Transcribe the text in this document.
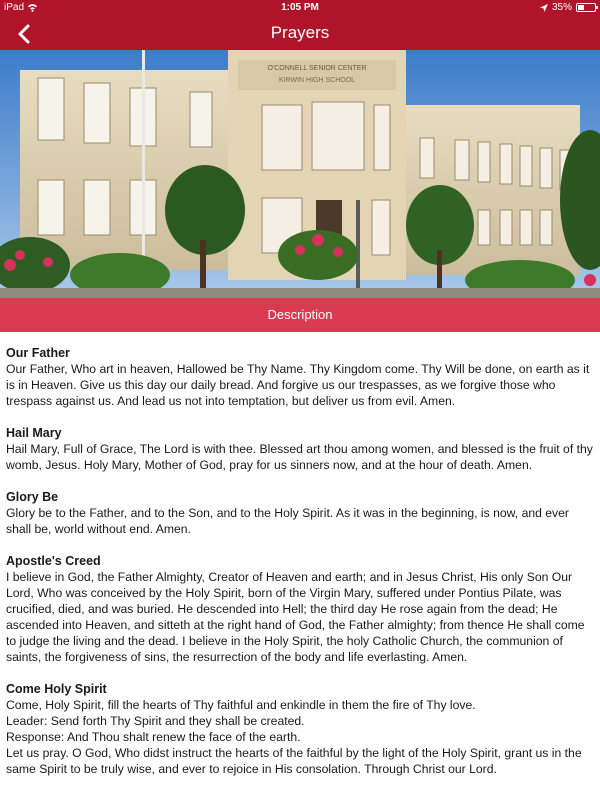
iPad	1:05 PM	35%
Prayers
O'CONNELL SENIOR CENTER
KIRWIN HIGH SCHOOL
Description
Our Father
Our Father, Who art in heaven, Hallowed be Thy Name. Thy Kingdom come. Thy Will be done, on earth as it is in Heaven. Give us this day our daily bread. And forgive us our trespasses, as we forgive those who trespass against us. And lead us not into temptation, but deliver us from evil. Amen.
Hail Mary
Hail Mary, Full of Grace, The Lord is with thee. Blessed art thou among women, and blessed is the fruit of thy womb, Jesus. Holy Mary, Mother of God, pray for us sinners now, and at the hour of death. Amen.
Glory Be
Glory be to the Father, and to the Son, and to the Holy Spirit. As it was in the beginning, is now, and ever shall be, world without end. Amen.
Apostle's Creed
I believe in God, the Father Almighty, Creator of Heaven and earth; and in Jesus Christ, His only Son Our Lord, Who was conceived by the Holy Spirit, born of the Virgin Mary, suffered under Pontius Pilate, was crucified, died, and was buried. He descended into Hell; the third day He rose again from the dead; He ascended into Heaven, and sitteth at the right hand of God, the Father almighty; from thence He shall come to judge the living and the dead. I believe in the Holy Spirit, the holy Catholic Church, the communion of saints, the forgiveness of sins, the resurrection of the body and life everlasting. Amen.
Come Holy Spirit
Come, Holy Spirit, fill the hearts of Thy faithful and enkindle in them the fire of Thy love.
Leader: Send forth Thy Spirit and they shall be created.
Response: And Thou shalt renew the face of the earth.
Let us pray. O God, Who didst instruct the hearts of the faithful by the light of the Holy Spirit, grant us in the same Spirit to be truly wise, and ever to rejoice in His consolation. Through Christ our Lord.
